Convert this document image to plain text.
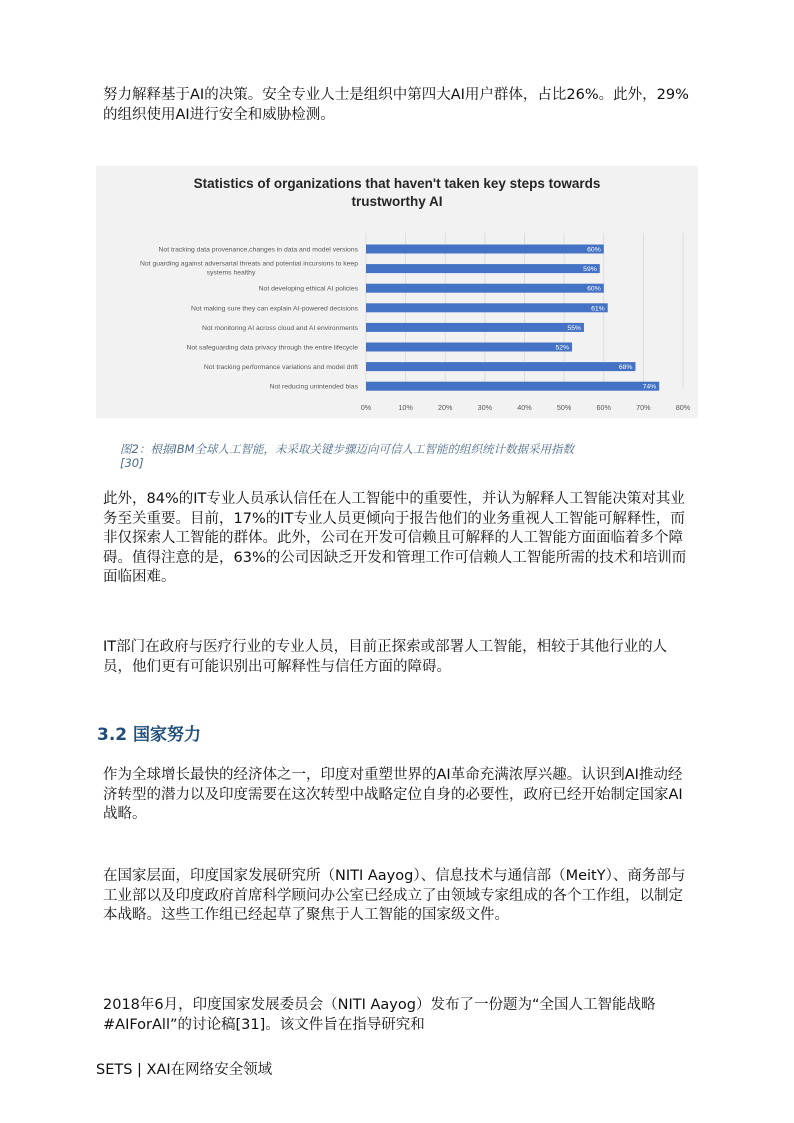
努力解释基于AI的决策。安全专业人士是组织中第四大AI用户群体，占比26%。此外，29%的组织使用AI进行安全和威胁检测。

Statistics of organizations that haven't taken key steps towards
trustworthy AI
0%	10%	20%	30%	40%	50%	60%	70%	80%
60%
Not tracking data provenance,changes in data and model versions
59%
Not guarding against adversarial threats and potential incursions to keep
systems healthy
60%
Not developing ethical AI policies
61%
Not making sure they can explain AI-powered decisions
55%
Not monitoring AI across cloud and AI environments
52%
Not safeguarding data privacy through the entire lifecycle
68%
Not tracking performance variations and model drift
74%
Not reducing unintended bias
图2：根据IBM全球人工智能，未采取关键步骤迈向可信人工智能的组织统计数据采用指数[30]

此外，84%的IT专业人员承认信任在人工智能中的重要性，并认为解释人工智能决策对其业务至关重要。目前，17%的IT专业人员更倾向于报告他们的业务重视人工智能可解释性，而非仅探索人工智能的群体。此外，公司在开发可信赖且可解释的人工智能方面面临着多个障碍。值得注意的是，63%的公司因缺乏开发和管理工作可信赖人工智能所需的技术和培训而面临困难。

IT部门在政府与医疗行业的专业人员，目前正探索或部署人工智能，相较于其他行业的人员，他们更有可能识别出可解释性与信任方面的障碍。

3.2 国家努力

作为全球增长最快的经济体之一，印度对重塑世界的AI革命充满浓厚兴趣。认识到AI推动经济转型的潜力以及印度需要在这次转型中战略定位自身的必要性，政府已经开始制定国家AI战略。

在国家层面，印度国家发展研究所（NITI Aayog）、信息技术与通信部（MeitY）、商务部与工业部以及印度政府首席科学顾问办公室已经成立了由领域专家组成的各个工作组，以制定本战略。这些工作组已经起草了聚焦于人工智能的国家级文件。

2018年6月，印度国家发展委员会（NITI Aayog）发布了一份题为“全国人工智能战略#AIForAll”的讨论稿[31]。该文件旨在指导研究和

SETS | XAI在网络安全领域
